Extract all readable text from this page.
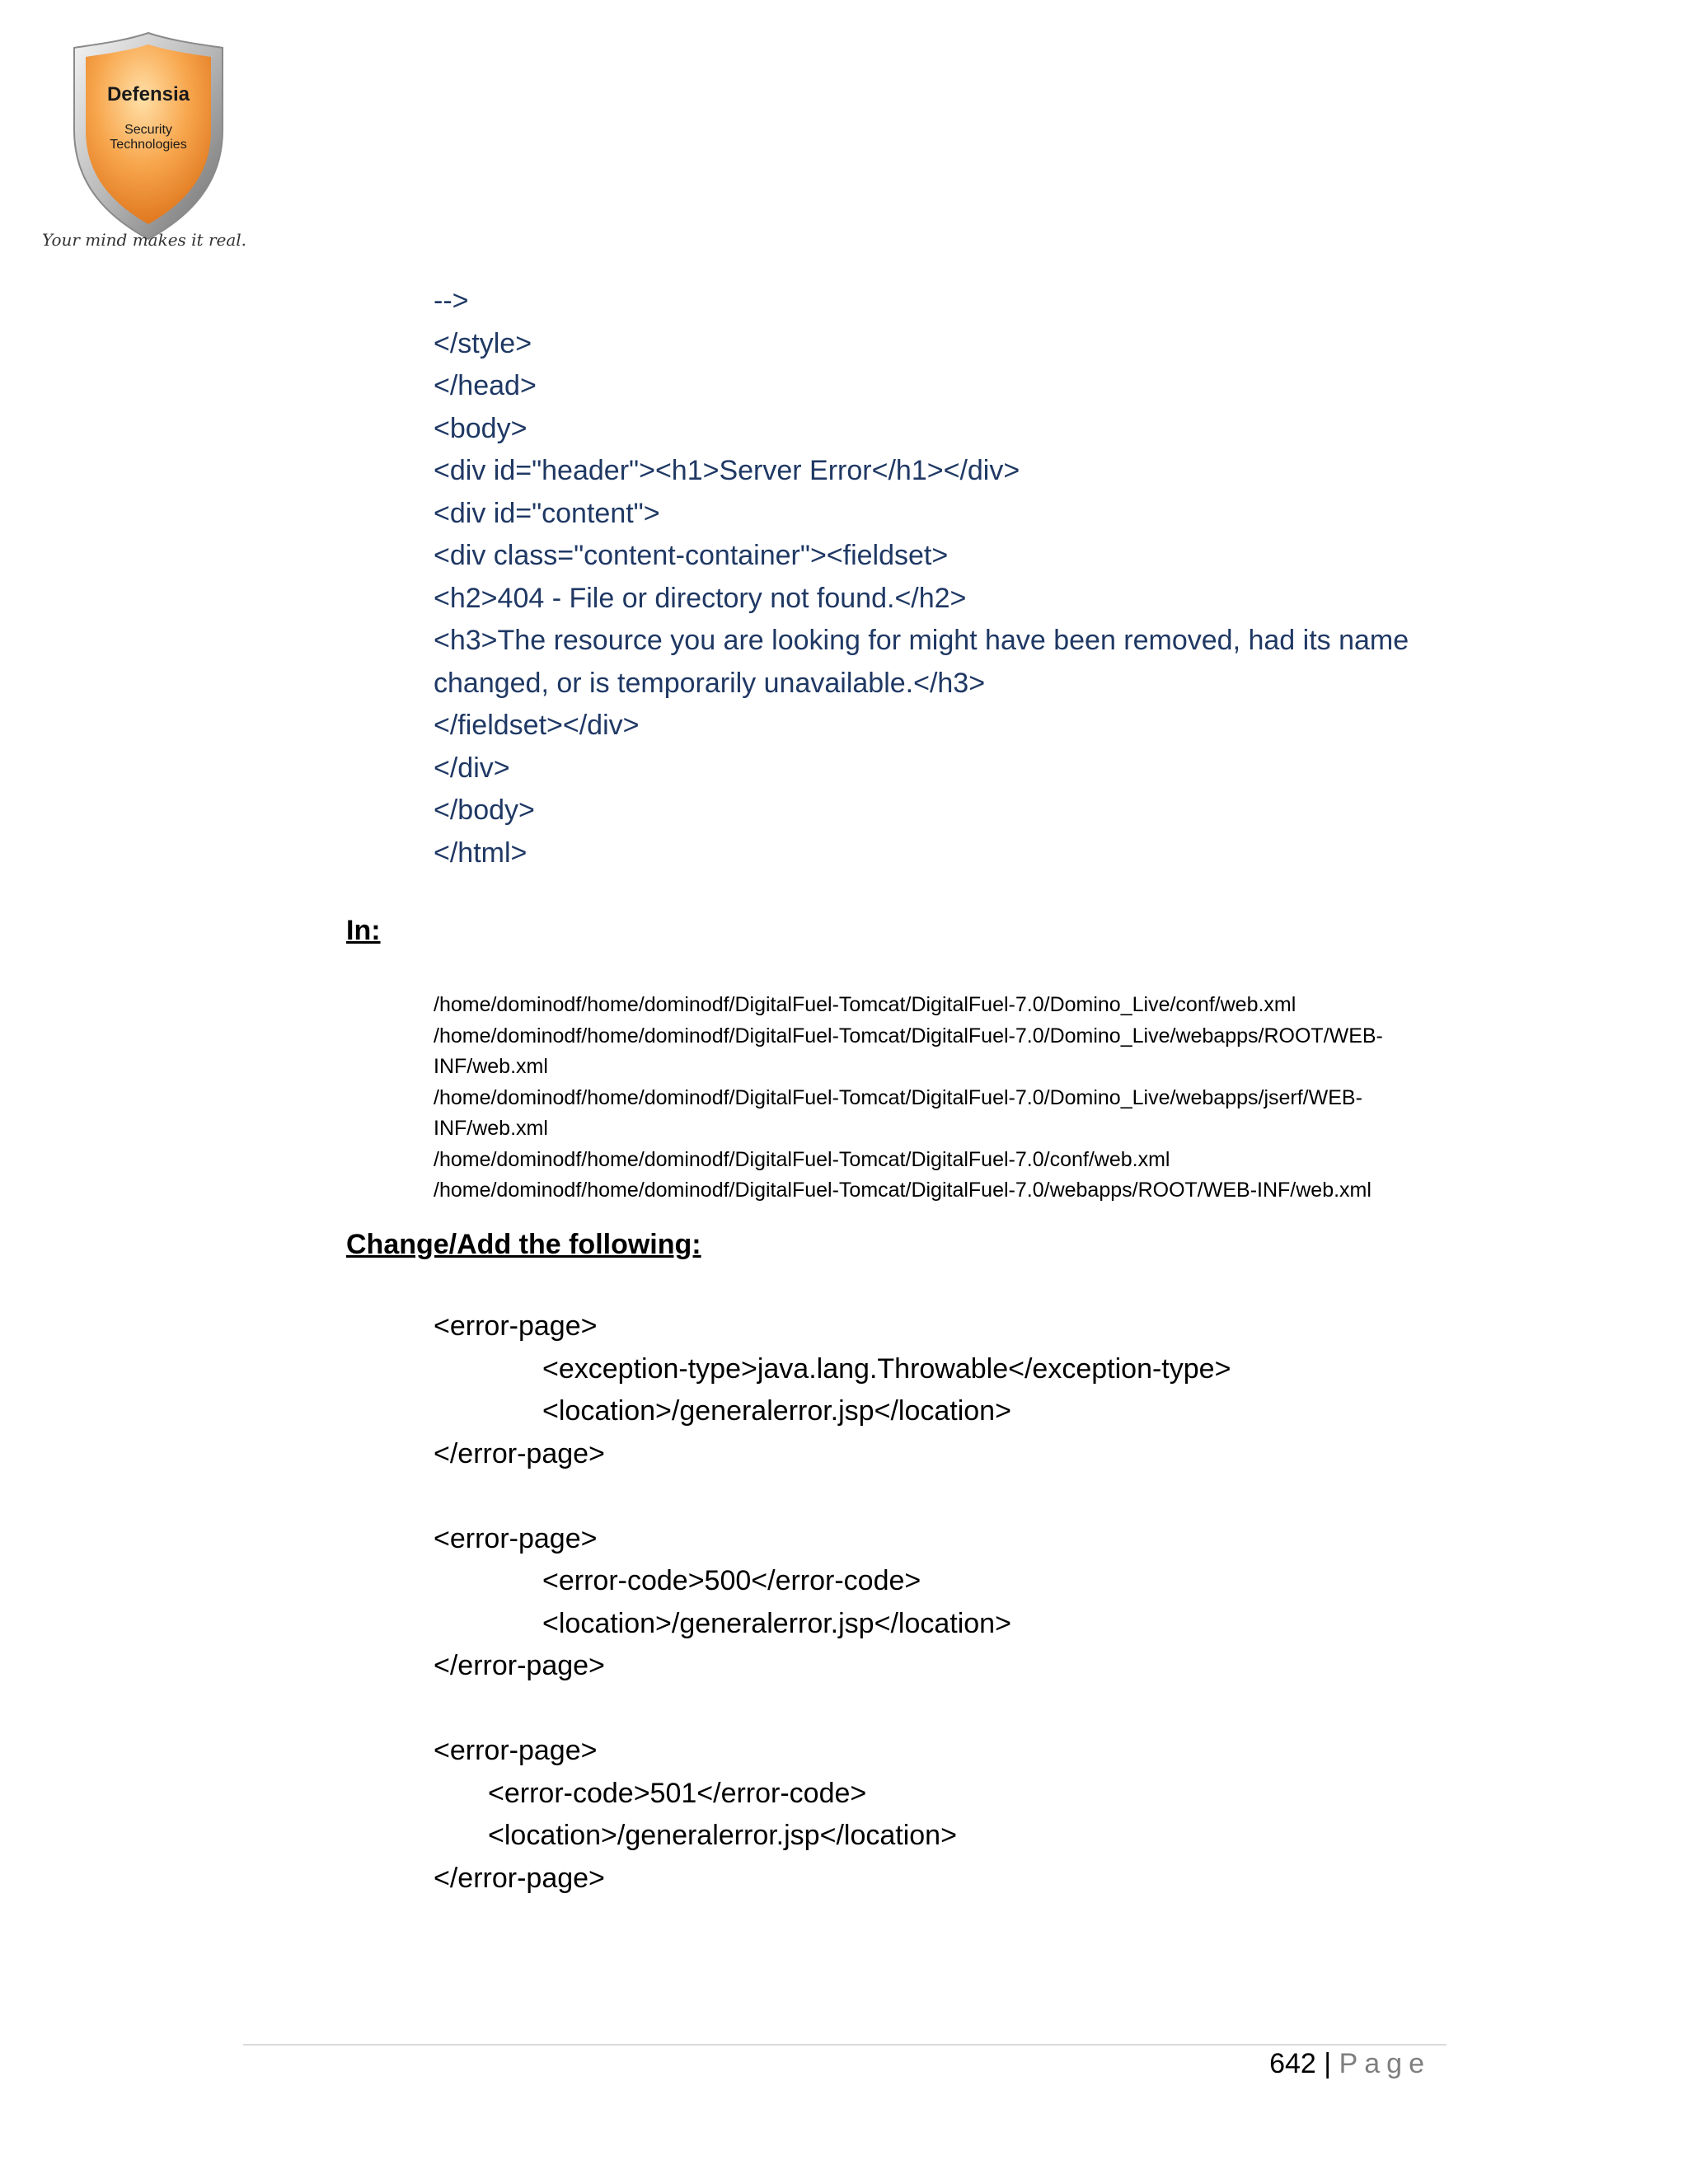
Defensia
Security
Technologies
Your mind makes it real.
-->
</style>
</head>
<body>
<div id="header"><h1>Server Error</h1></div>
<div id="content">
<div class="content-container"><fieldset>
<h2>404 - File or directory not found.</h2>
<h3>The resource you are looking for might have been removed, had its name
changed, or is temporarily unavailable.</h3>
</fieldset></div>
</div>
</body>
</html>
In:
/home/dominodf/home/dominodf/DigitalFuel-Tomcat/DigitalFuel-7.0/Domino_Live/conf/web.xml
/home/dominodf/home/dominodf/DigitalFuel-Tomcat/DigitalFuel-7.0/Domino_Live/webapps/ROOT/WEB-
INF/web.xml
/home/dominodf/home/dominodf/DigitalFuel-Tomcat/DigitalFuel-7.0/Domino_Live/webapps/jserf/WEB-
INF/web.xml
/home/dominodf/home/dominodf/DigitalFuel-Tomcat/DigitalFuel-7.0/conf/web.xml
/home/dominodf/home/dominodf/DigitalFuel-Tomcat/DigitalFuel-7.0/webapps/ROOT/WEB-INF/web.xml
Change/Add the following:
<error-page>
<exception-type>java.lang.Throwable</exception-type>
<location>/generalerror.jsp</location>
</error-page>
<error-page>
<error-code>500</error-code>
<location>/generalerror.jsp</location>
</error-page>
<error-page>
<error-code>501</error-code>
<location>/generalerror.jsp</location>
</error-page>
642 | Page
